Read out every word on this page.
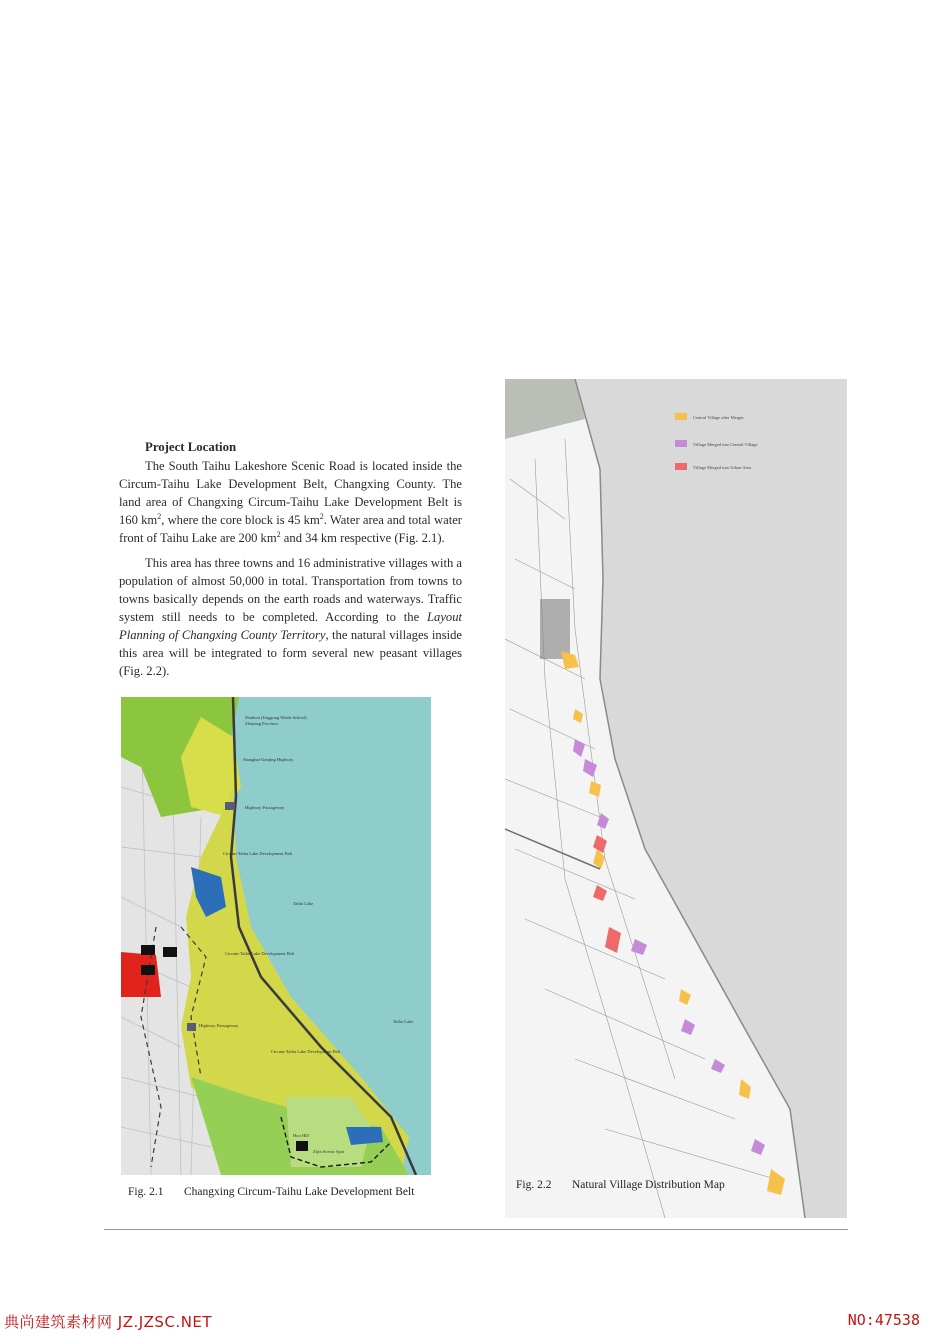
Project Location

The South Taihu Lakeshore Scenic Road is located inside the Circum-Taihu Lake Development Belt, Changxing County. The land area of Changxing Circum-Taihu Lake Development Belt is 160 $km^2$, where the core block is 45 $km^2$. Water area and total water front of Taihu Lake are 200 $km^2$ and 34 km respective (Fig. 2.1).

This area has three towns and 16 administrative villages with a population of almost 50,000 in total. Transportation from towns to towns basically depends on the earth roads and waterways. Traffic system still needs to be completed. According to the Layout Planning of Changxing County Territory, the natural villages inside this area will be integrated to form several new peasant villages (Fig. 2.2).

Shuikou (Jinggong Weida School)
Zhejiang Province
Shanghai-Ganjing Highway
Highway Passageway
Circum-Taihu Lake Development Belt
Taihu Lake
Circum-Taihu Lake Development Belt
Highway Passageway
Taihu Lake
Circum-Taihu Lake Development Belt
Hou Hill
Zijin Scenic Spot
Fig. 2.1 Changxing Circum-Taihu Lake Development Belt
Central Village after Merger
Village Merged into Central Village
Village Merged into Urban Area
Fig. 2.2 Natural Village Distribution Map
典尚建筑素材网 JZ.JZSC.NET	NO:47538
